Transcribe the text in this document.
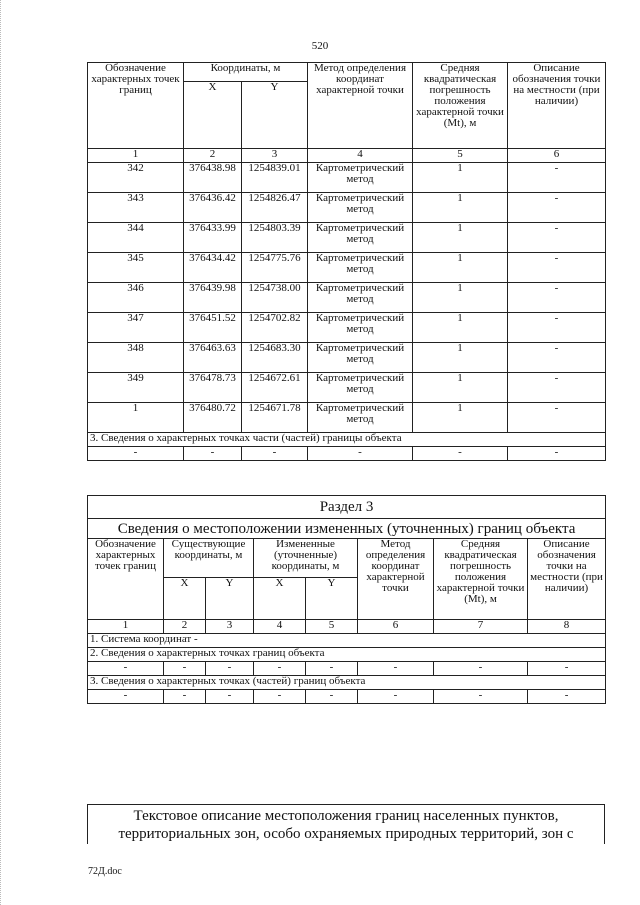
520
Обозначение характерных точек границ	Координаты, м		Метод определения координат характерной точки	Средняя квадратическая погрешность положения характерной точки (Mt), м	Описание обозначения точки на местности (при наличии)
	X	Y			
1	2	3	4	5	6
342	376438.98	1254839.01	Картометрический метод	1	-
343	376436.42	1254826.47	Картометрический метод	1	-
344	376433.99	1254803.39	Картометрический метод	1	-
345	376434.42	1254775.76	Картометрический метод	1	-
346	376439.98	1254738.00	Картометрический метод	1	-
347	376451.52	1254702.82	Картометрический метод	1	-
348	376463.63	1254683.30	Картометрический метод	1	-
349	376478.73	1254672.61	Картометрический метод	1	-
1	376480.72	1254671.78	Картометрический метод	1	-
3. Сведения о характерных точках части (частей) границы объекта					
-	-	-	-	-	-
Раздел 3							
Сведения о местоположении измененных (уточненных) границ объекта							
Обозначение характерных точек границ	Существующие координаты, м		Измененные (уточненные) координаты, м		Метод определения координат характерной точки	Средняя квадратическая погрешность положения характерной точки (Mt), м	Описание обозначения точки на местности (при наличии)
	X	Y	X	Y			
1	2	3	4	5	6	7	8
1. Система координат -							
2. Сведения о характерных точках границ объекта							
-	-	-	-	-	-	-	-
3. Сведения о характерных точках (частей) границ объекта							
-	-	-	-	-	-	-	-
Текстовое описание местоположения границ населенных пунктов,
территориальных зон, особо охраняемых природных территорий, зон с
72Д.doc
